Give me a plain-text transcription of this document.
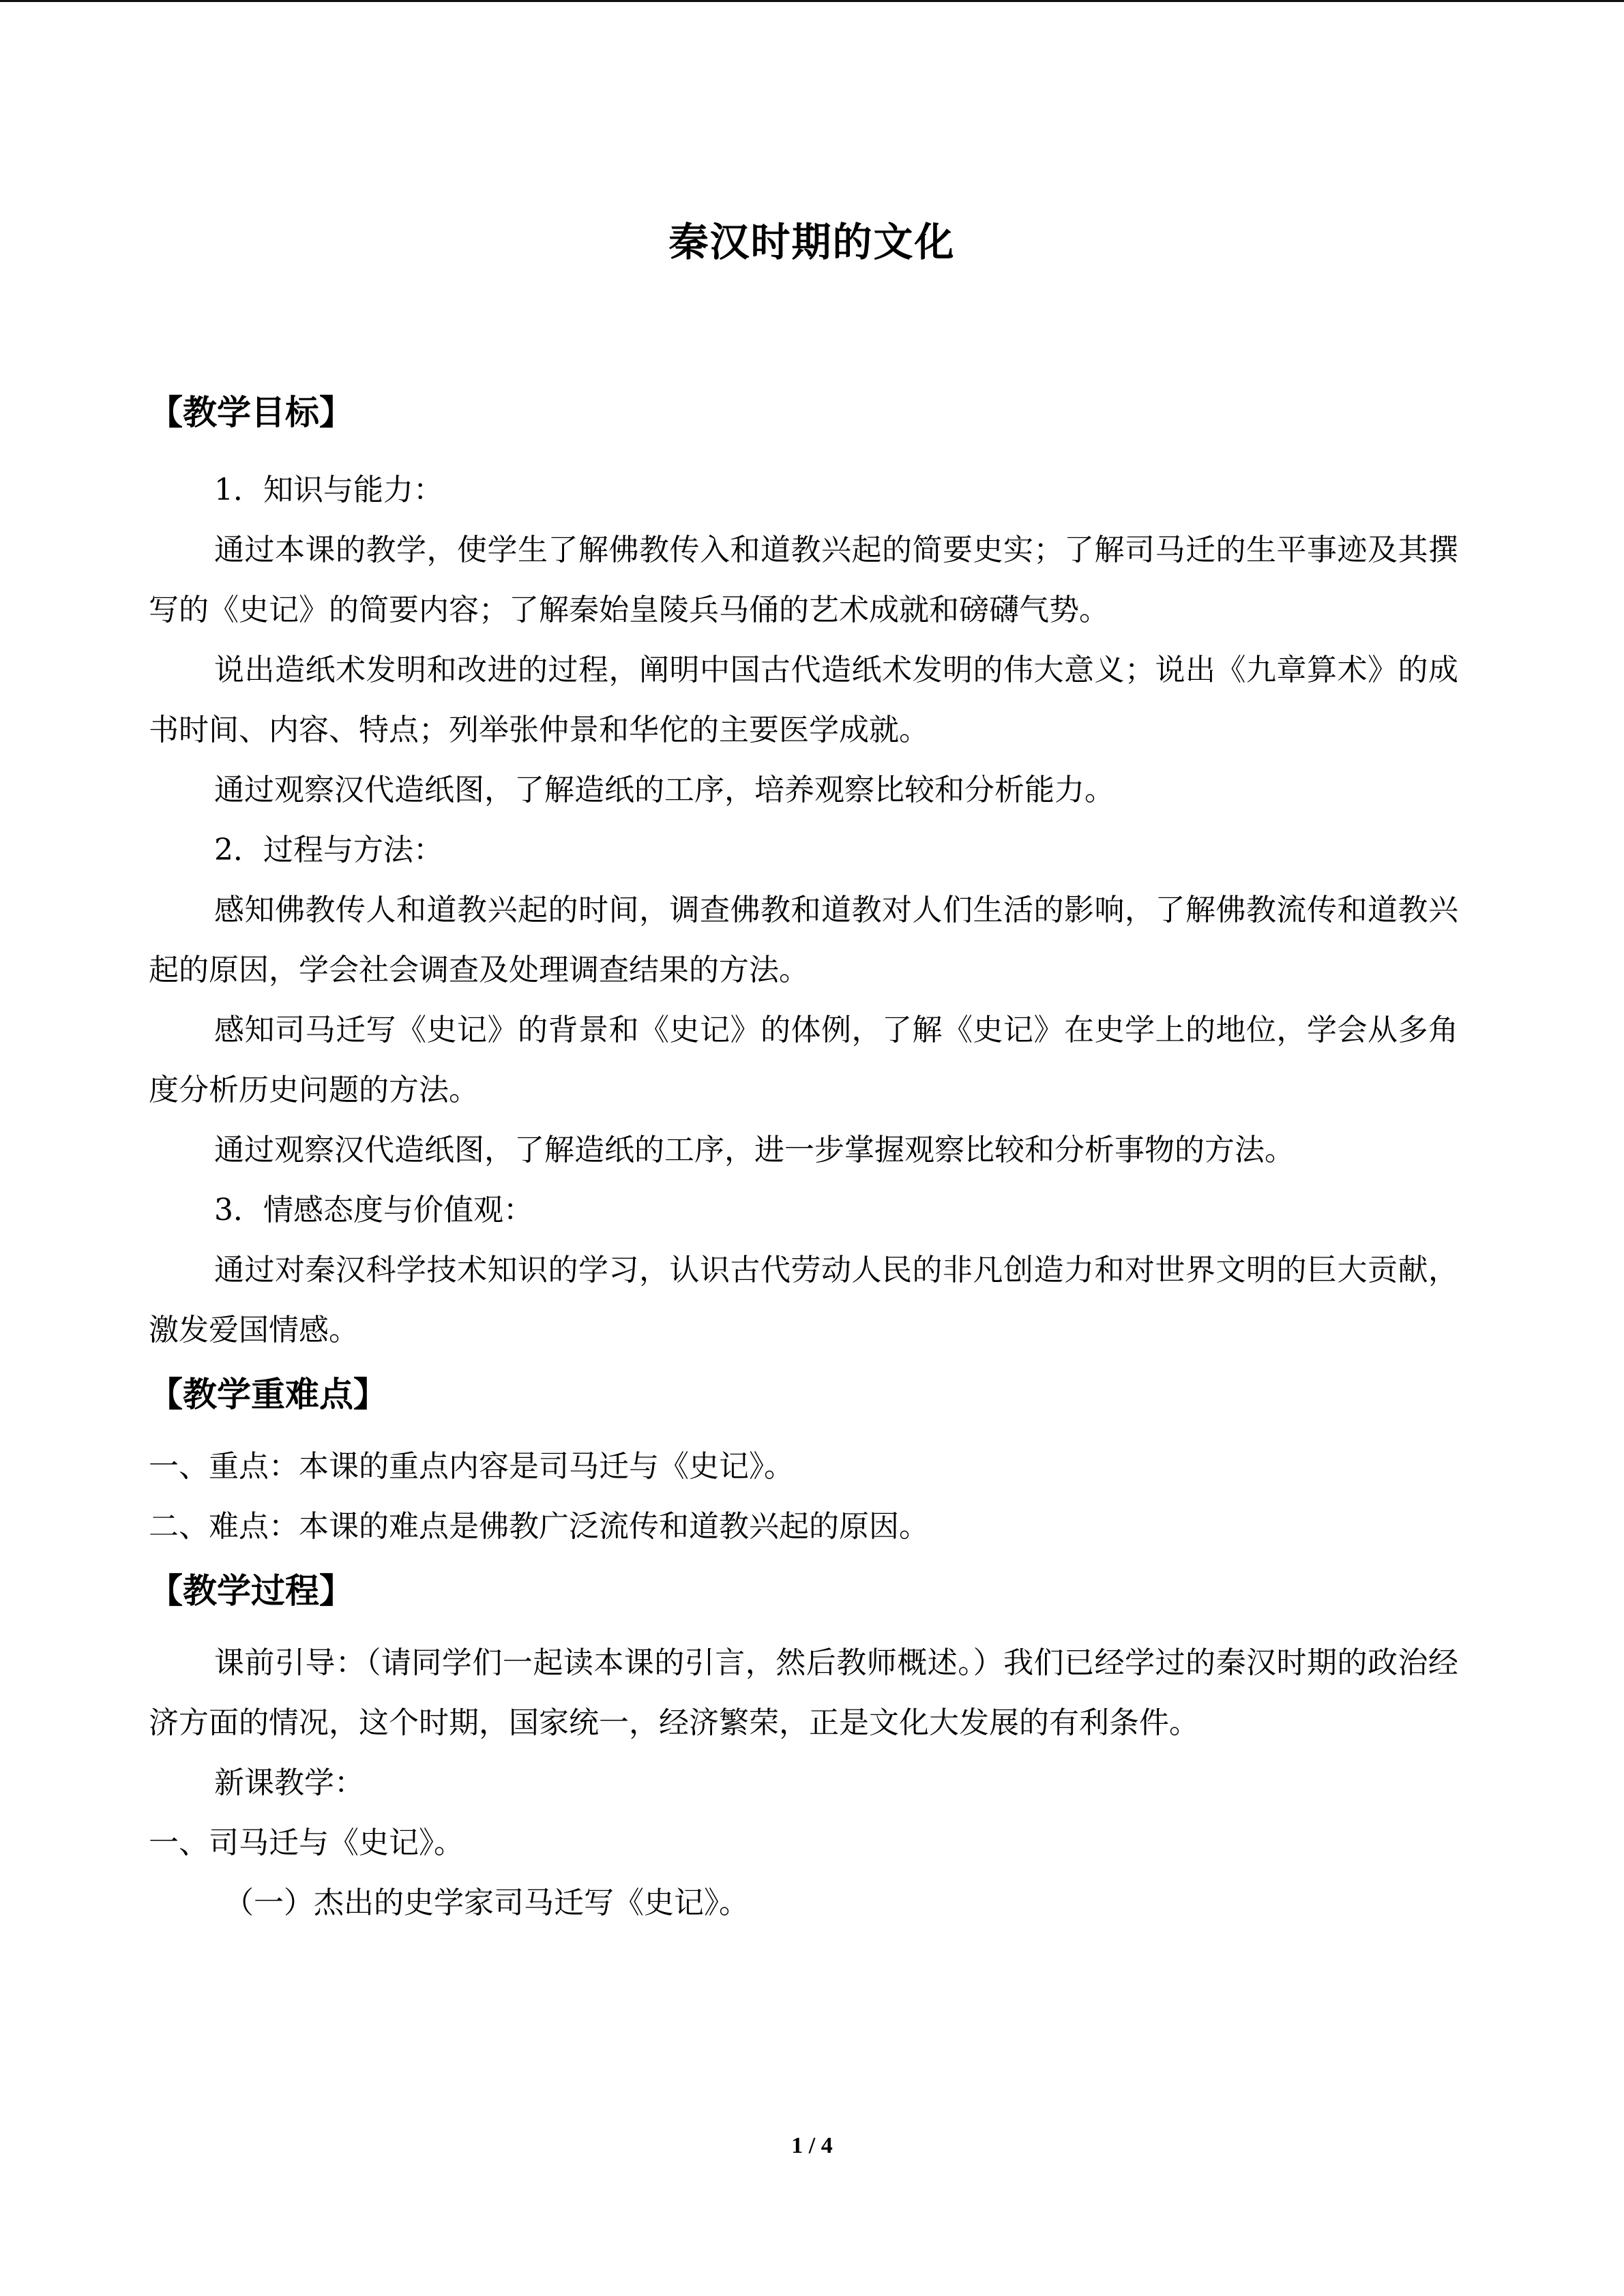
秦汉时期的文化
【教学目标】

1．知识与能力：

通过本课的教学，使学生了解佛教传入和道教兴起的简要史实；了解司马迁的生平事迹及其撰写的《史记》的简要内容；了解秦始皇陵兵马俑的艺术成就和磅礴气势。

说出造纸术发明和改进的过程，阐明中国古代造纸术发明的伟大意义；说出《九章算术》的成书时间、内容、特点；列举张仲景和华佗的主要医学成就。

通过观察汉代造纸图，了解造纸的工序，培养观察比较和分析能力。

2．过程与方法：

感知佛教传人和道教兴起的时间，调查佛教和道教对人们生活的影响，了解佛教流传和道教兴起的原因，学会社会调查及处理调查结果的方法。

感知司马迁写《史记》的背景和《史记》的体例，了解《史记》在史学上的地位，学会从多角度分析历史问题的方法。

通过观察汉代造纸图，了解造纸的工序，进一步掌握观察比较和分析事物的方法。

3．情感态度与价值观：

通过对秦汉科学技术知识的学习，认识古代劳动人民的非凡创造力和对世界文明的巨大贡献，激发爱国情感。

【教学重难点】

一、重点：本课的重点内容是司马迁与《史记》。

二、难点：本课的难点是佛教广泛流传和道教兴起的原因。

【教学过程】

课前引导：（请同学们一起读本课的引言，然后教师概述。）我们已经学过的秦汉时期的政治经济方面的情况，这个时期，国家统一，经济繁荣，正是文化大发展的有利条件。

新课教学：

一、司马迁与《史记》。

（一）杰出的史学家司马迁写《史记》。

1 / 4
